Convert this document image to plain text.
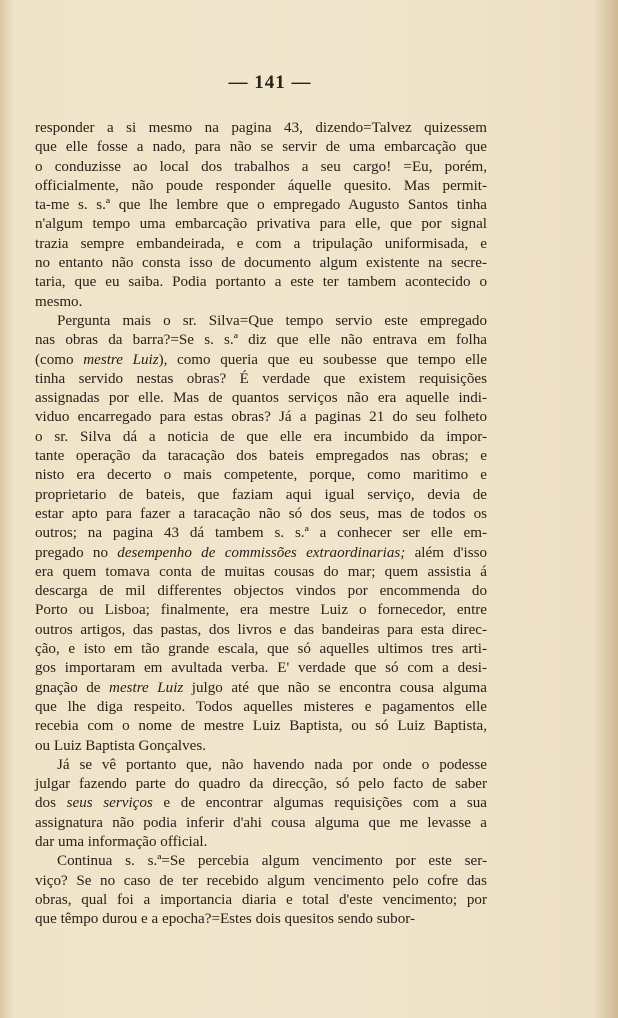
— 141 —
responder a si mesmo na pagina 43, dizendo=Talvez quizessem
que elle fosse a nado, para não se servir de uma embarcação que
o conduzisse ao local dos trabalhos a seu cargo! =Eu, porém,
officialmente, não poude responder áquelle quesito. Mas permit-
ta-me s. s.ª que lhe lembre que o empregado Augusto Santos tinha
n'algum tempo uma embarcação privativa para elle, que por signal
trazia sempre embandeirada, e com a tripulação uniformisada, e
no entanto não consta isso de documento algum existente na secre-
taria, que eu saiba. Podia portanto a este ter tambem acontecido o
mesmo.
Pergunta mais o sr. Silva=Que tempo servio este empregado
nas obras da barra?=Se s. s.ª diz que elle não entrava em folha
(como mestre Luiz), como queria que eu soubesse que tempo elle
tinha servido nestas obras? É verdade que existem requisições
assignadas por elle. Mas de quantos serviços não era aquelle indi-
viduo encarregado para estas obras? Já a paginas 21 do seu folheto
o sr. Silva dá a noticia de que elle era incumbido da impor-
tante operação da taracação dos bateis empregados nas obras; e
nisto era decerto o mais competente, porque, como maritimo e
proprietario de bateis, que faziam aqui igual serviço, devia de
estar apto para fazer a taracação não só dos seus, mas de todos os
outros; na pagina 43 dá tambem s. s.ª a conhecer ser elle em-
pregado no desempenho de commissões extraordinarias; além d'isso
era quem tomava conta de muitas cousas do mar; quem assistia á
descarga de mil differentes objectos vindos por encommenda do
Porto ou Lisboa; finalmente, era mestre Luiz o fornecedor, entre
outros artigos, das pastas, dos livros e das bandeiras para esta direc-
ção, e isto em tão grande escala, que só aquelles ultimos tres arti-
gos importaram em avultada verba. E' verdade que só com a desi-
gnação de mestre Luiz julgo até que não se encontra cousa alguma
que lhe diga respeito. Todos aquelles misteres e pagamentos elle
recebia com o nome de mestre Luiz Baptista, ou só Luiz Baptista,
ou Luiz Baptista Gonçalves.
Já se vê portanto que, não havendo nada por onde o podesse
julgar fazendo parte do quadro da direcção, só pelo facto de saber
dos seus serviços e de encontrar algumas requisições com a sua
assignatura não podia inferir d'ahi cousa alguma que me levasse a
dar uma informação official.
Continua s. s.ª=Se percebia algum vencimento por este ser-
viço? Se no caso de ter recebido algum vencimento pelo cofre das
obras, qual foi a importancia diaria e total d'este vencimento; por
que têmpo durou e a epocha?=Estes dois quesitos sendo subor-
